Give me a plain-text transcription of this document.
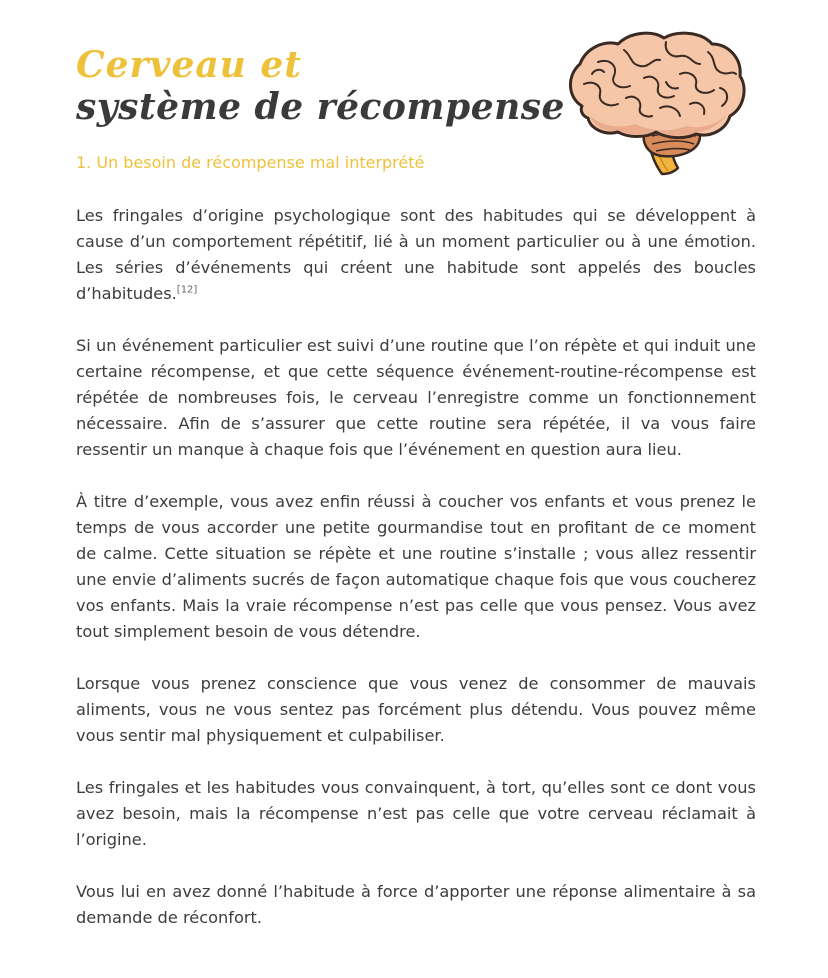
Cerveau et
système de récompense
1. Un besoin de récompense mal interprété

Les fringales d’origine psychologique sont des habitudes qui se développent à cause d’un comportement répétitif, lié à un moment particulier ou à une émotion. Les séries d’événements qui créent une habitude sont appelés des boucles d’habitudes.[12]

Si un événement particulier est suivi d’une routine que l’on répète et qui induit une certaine récompense, et que cette séquence événement-routine-récompense est répétée de nombreuses fois, le cerveau l’enregistre comme un fonctionnement nécessaire. Afin de s’assurer que cette routine sera répétée, il va vous faire ressentir un manque à chaque fois que l’événement en question aura lieu.

À titre d’exemple, vous avez enfin réussi à coucher vos enfants et vous prenez le temps de vous accorder une petite gourmandise tout en profitant de ce moment de calme. Cette situation se répète et une routine s’installe ; vous allez ressentir une envie d’aliments sucrés de façon automatique chaque fois que vous coucherez vos enfants. Mais la vraie récompense n’est pas celle que vous pensez. Vous avez tout simplement besoin de vous détendre.

Lorsque vous prenez conscience que vous venez de consommer de mauvais aliments, vous ne vous sentez pas forcément plus détendu. Vous pouvez même vous sentir mal physiquement et culpabiliser.

Les fringales et les habitudes vous convainquent, à tort, qu’elles sont ce dont vous avez besoin, mais la récompense n’est pas celle que votre cerveau réclamait à l’origine.

Vous lui en avez donné l’habitude à force d’apporter une réponse alimentaire à sa demande de réconfort.
